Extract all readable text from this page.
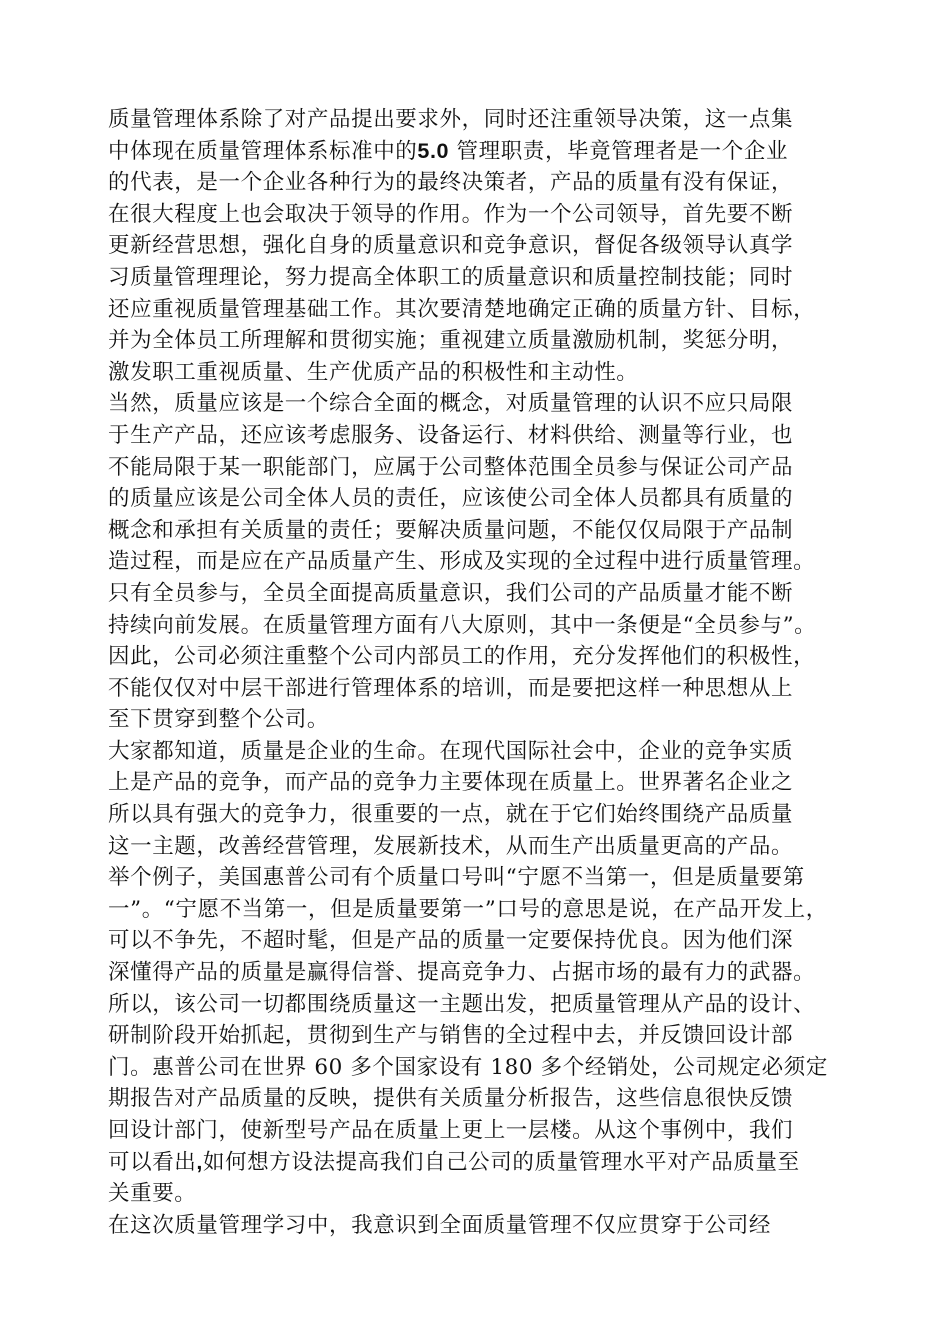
质量管理体系除了对产品提出要求外，同时还注重领导决策，这一点集
中体现在质量管理体系标准中的5.0 管理职责，毕竟管理者是一个企业
的代表，是一个企业各种行为的最终决策者，产品的质量有没有保证，
在很大程度上也会取决于领导的作用。作为一个公司领导，首先要不断
更新经营思想，强化自身的质量意识和竞争意识，督促各级领导认真学
习质量管理理论，努力提高全体职工的质量意识和质量控制技能；同时
还应重视质量管理基础工作。其次要清楚地确定正确的质量方针、目标，
并为全体员工所理解和贯彻实施；重视建立质量激励机制，奖惩分明，
激发职工重视质量、生产优质产品的积极性和主动性。
当然，质量应该是一个综合全面的概念，对质量管理的认识不应只局限
于生产产品，还应该考虑服务、设备运行、材料供给、测量等行业，也
不能局限于某一职能部门，应属于公司整体范围全员参与保证公司产品
的质量应该是公司全体人员的责任，应该使公司全体人员都具有质量的
概念和承担有关质量的责任；要解决质量问题，不能仅仅局限于产品制
造过程，而是应在产品质量产生、形成及实现的全过程中进行质量管理。
只有全员参与，全员全面提高质量意识，我们公司的产品质量才能不断
持续向前发展。在质量管理方面有八大原则，其中一条便是“全员参与”。
因此，公司必须注重整个公司内部员工的作用，充分发挥他们的积极性，
不能仅仅对中层干部进行管理体系的培训，而是要把这样一种思想从上
至下贯穿到整个公司。
大家都知道，质量是企业的生命。在现代国际社会中，企业的竞争实质
上是产品的竞争，而产品的竞争力主要体现在质量上。世界著名企业之
所以具有强大的竞争力，很重要的一点，就在于它们始终围绕产品质量
这一主题，改善经营管理，发展新技术，从而生产出质量更高的产品。
举个例子，美国惠普公司有个质量口号叫“宁愿不当第一，但是质量要第
一”。“宁愿不当第一，但是质量要第一”口号的意思是说，在产品开发上，
可以不争先，不超时髦，但是产品的质量一定要保持优良。因为他们深
深懂得产品的质量是赢得信誉、提高竞争力、占据市场的最有力的武器。
所以，该公司一切都围绕质量这一主题出发，把质量管理从产品的设计、
研制阶段开始抓起，贯彻到生产与销售的全过程中去，并反馈回设计部
门。惠普公司在世界 60 多个国家设有 180 多个经销处，公司规定必须定
期报告对产品质量的反映，提供有关质量分析报告，这些信息很快反馈
回设计部门，使新型号产品在质量上更上一层楼。从这个事例中，我们
可以看出,如何想方设法提高我们自己公司的质量管理水平对产品质量至
关重要。
在这次质量管理学习中，我意识到全面质量管理不仅应贯穿于公司经
